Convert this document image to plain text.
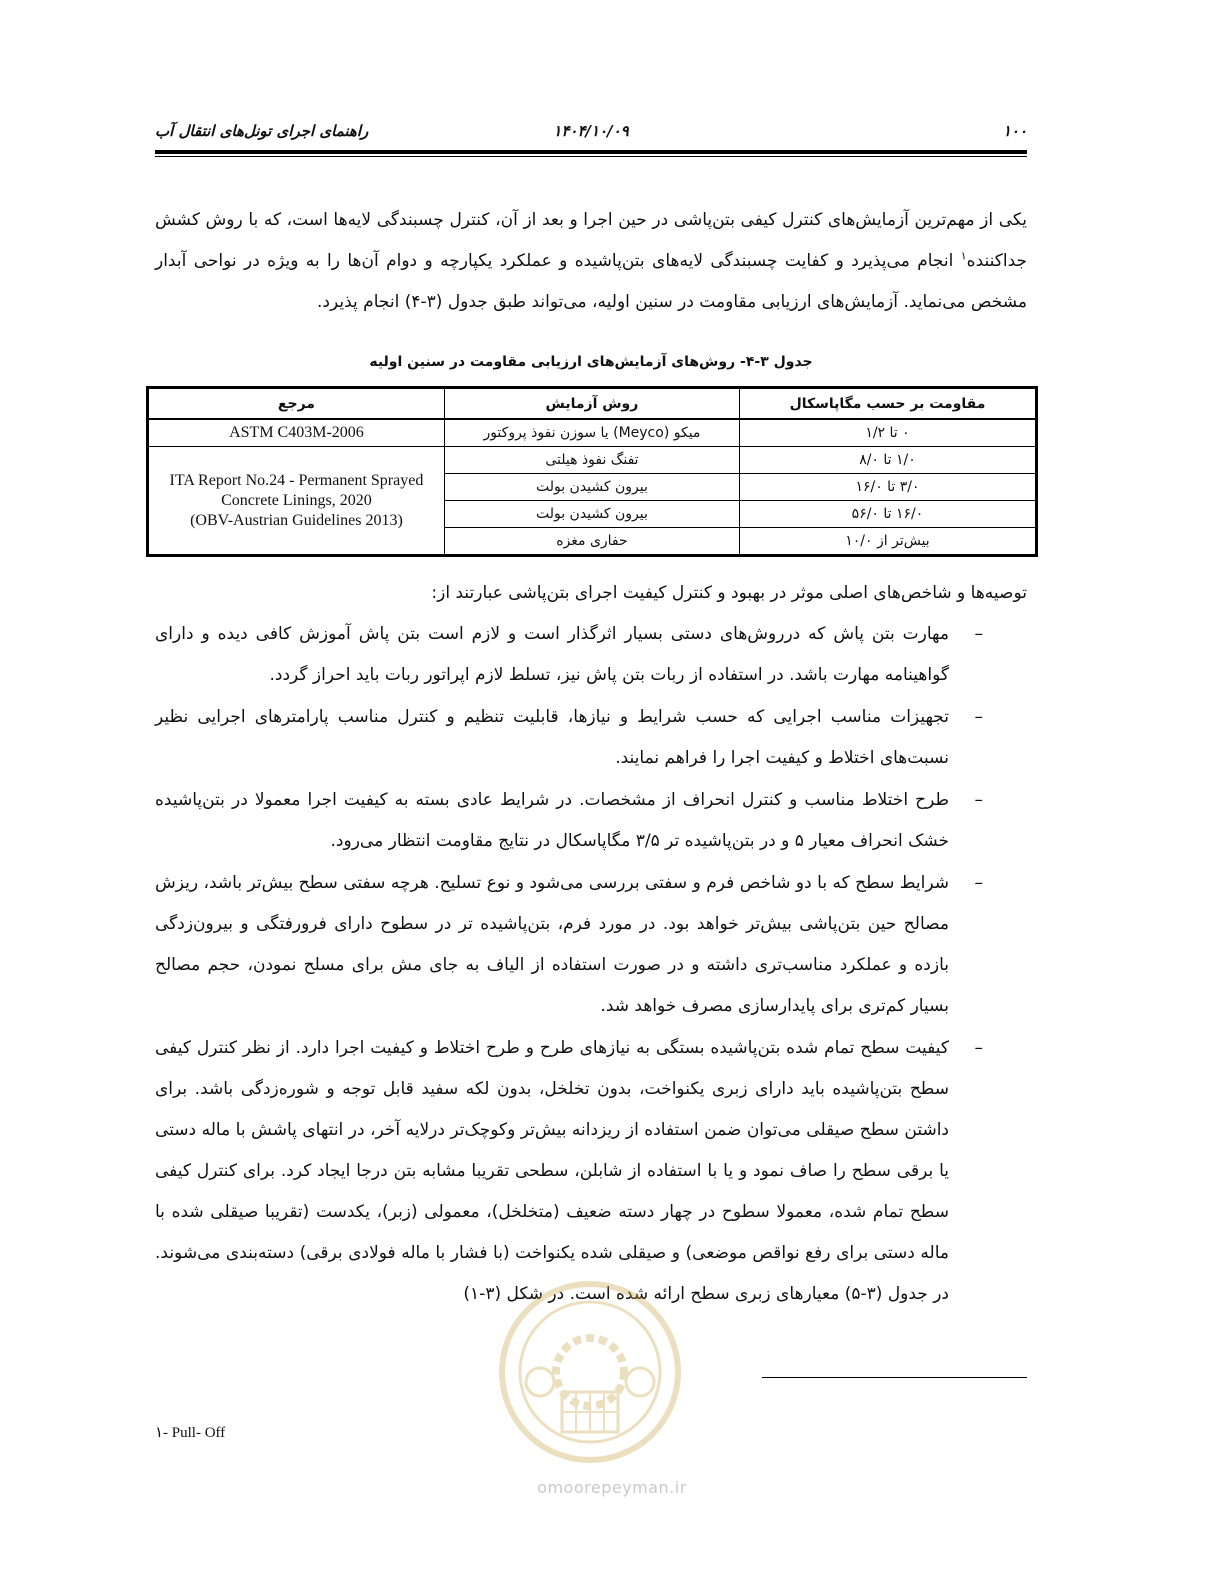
۱۰۰
۱۴۰۴/۱۰/۰۹
راهنمای اجرای تونل‌های انتقال آب
یکی از مهم‌ترین آزمایش‌های کنترل کیفی بتن‌پاشی در حین اجرا و بعد از آن، کنترل چسبندگی لایه‌ها است، که با روش کشش جداکننده$^۱$ انجام می‌پذیرد و کفایت چسبندگی لایه‌های بتن‌پاشیده و عملکرد یکپارچه و دوام آن‌ها را به ویژه در نواحی آبدار مشخص می‌نماید. آزمایش‌های ارزیابی مقاومت در سنین اولیه، می‌تواند طبق جدول (۳-۴) انجام پذیرد.
جدول ۳-۴- روش‌های آزمایش‌های ارزیابی مقاومت در سنین اولیه
مقاومت بر حسب مگاپاسکال	روش آزمایش	مرجع
۰ تا ۱/۲	میکو (Meyco) یا سوزن نفوذ پروکتور	ASTM C403M-2006
۱/۰ تا ۸/۰	تفنگ نفوذ هیلتی	ITA Report No.24 - Permanent Sprayed
Concrete Linings, 2020
(OBV-Austrian Guidelines 2013)

۳/۰ تا ۱۶/۰	بیرون کشیدن بولت	
۱۶/۰ تا ۵۶/۰	بیرون کشیدن بولت	
بیش‌تر از ۱۰/۰	حفاری مغزه	
توصیه‌ها و شاخص‌های اصلی موثر در بهبود و کنترل کیفیت اجرای بتن‌پاشی عبارتند از:
–
مهارت بتن پاش که درروش‌های دستی بسیار اثرگذار است و لازم است بتن پاش آموزش کافی دیده و دارای گواهینامه مهارت باشد. در استفاده از ربات بتن پاش نیز، تسلط لازم اپراتور ربات باید احراز گردد.
–
تجهیزات مناسب اجرایی که حسب شرایط و نیازها، قابلیت تنظیم و کنترل مناسب پارامترهای اجرایی نظیر نسبت‌های اختلاط و کیفیت اجرا را فراهم نمایند.
–
طرح اختلاط مناسب و کنترل انحراف از مشخصات. در شرایط عادی بسته به کیفیت اجرا معمولا در بتن‌پاشیده خشک انحراف معیار ۵ و در بتن‌پاشیده تر ۳/۵ مگاپاسکال در نتایج مقاومت انتظار می‌رود.
–
شرایط سطح که با دو شاخص فرم و سفتی بررسی می‌شود و نوع تسلیح. هرچه سفتی سطح بیش‌تر باشد، ریزش مصالح حین بتن‌پاشی بیش‌تر خواهد بود. در مورد فرم، بتن‌پاشیده تر در سطوح دارای فرورفتگی و بیرون‌زدگی بازده و عملکرد مناسب‌تری داشته و در صورت استفاده از الیاف به جای مش برای مسلح نمودن، حجم مصالح بسیار کم‌تری برای پایدارسازی مصرف خواهد شد.
–
کیفیت سطح تمام شده بتن‌پاشیده بستگی به نیازهای طرح و طرح اختلاط و کیفیت اجرا دارد. از نظر کنترل کیفی سطح بتن‌پاشیده باید دارای زبری یکنواخت، بدون تخلخل، بدون لکه سفید قابل توجه و شوره‌زدگی باشد. برای داشتن سطح صیقلی می‌توان ضمن استفاده از ریزدانه بیش‌تر وکوچک‌تر درلایه آخر، در انتهای پاشش با ماله دستی یا برقی سطح را صاف نمود و یا با استفاده از شابلن، سطحی تقریبا مشابه بتن درجا ایجاد کرد. برای کنترل کیفی سطح تمام شده، معمولا سطوح در چهار دسته ضعیف (متخلخل)، معمولی (زبر)، یکدست (تقریبا صیقلی شده با ماله دستی برای رفع نواقص موضعی) و صیقلی شده یکنواخت (با فشار با ماله فولادی برقی) دسته‌بندی می‌شوند. در جدول (۳-۵) معیارهای زبری سطح ارائه شده است. در شکل (۳-۱)
omoorepeyman.ir
۱- Pull- Off
